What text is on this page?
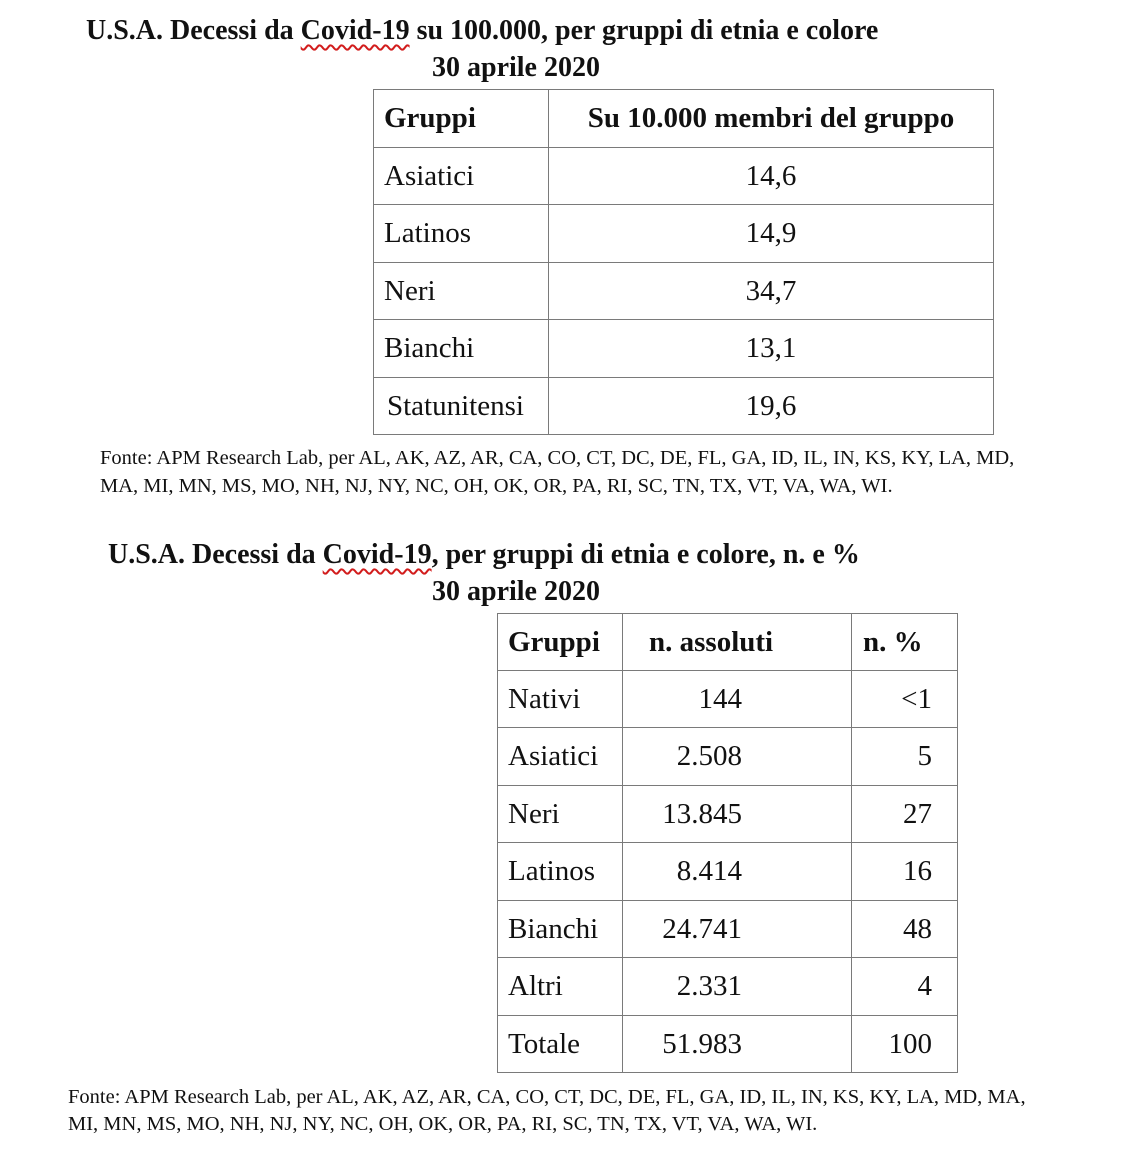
U.S.A. Decessi da Covid-19 su 100.000, per gruppi di etnia e colore
30 aprile 2020
Gruppi	Su 10.000 membri del gruppo
Asiatici	14,6
Latinos	14,9
Neri	34,7
Bianchi	13,1
Statunitensi	19,6
Fonte: APM Research Lab, per AL, AK, AZ, AR, CA, CO, CT, DC, DE, FL, GA, ID, IL, IN, KS, KY, LA, MD,
MA, MI, MN, MS, MO, NH, NJ, NY, NC, OH, OK, OR, PA, RI, SC, TN, TX, VT, VA, WA, WI.
U.S.A. Decessi da Covid-19, per gruppi di etnia e colore, n. e %
30 aprile 2020
Gruppi	n. assoluti	n. %
Nativi	144	<1
Asiatici	2.508	5
Neri	13.845	27
Latinos	8.414	16
Bianchi	24.741	48
Altri	2.331	4
Totale	51.983	100
Fonte: APM Research Lab, per AL, AK, AZ, AR, CA, CO, CT, DC, DE, FL, GA, ID, IL, IN, KS, KY, LA, MD, MA,
MI, MN, MS, MO, NH, NJ, NY, NC, OH, OK, OR, PA, RI, SC, TN, TX, VT, VA, WA, WI.
